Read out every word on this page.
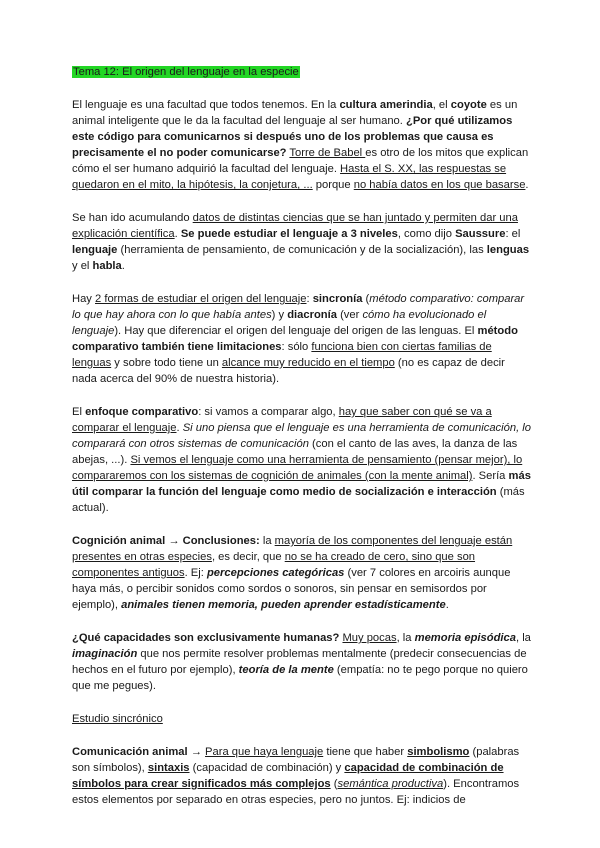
Tema 12: El origen del lenguaje en la especie

El lenguaje es una facultad que todos tenemos. En la cultura amerindia, el coyote es un animal inteligente que le da la facultad del lenguaje al ser humano. ¿Por qué utilizamos este código para comunicarnos si después uno de los problemas que causa es precisamente el no poder comunicarse? Torre de Babel es otro de los mitos que explican cómo el ser humano adquirió la facultad del lenguaje. Hasta el S. XX, las respuestas se quedaron en el mito, la hipótesis, la conjetura, ... porque no había datos en los que basarse.

Se han ido acumulando datos de distintas ciencias que se han juntado y permiten dar una explicación científica. Se puede estudiar el lenguaje a 3 niveles, como dijo Saussure: el lenguaje (herramienta de pensamiento, de comunicación y de la socialización), las lenguas y el habla.

Hay 2 formas de estudiar el origen del lenguaje: sincronía (método comparativo: comparar lo que hay ahora con lo que había antes) y diacronía (ver cómo ha evolucionado el lenguaje). Hay que diferenciar el origen del lenguaje del origen de las lenguas. El método comparativo también tiene limitaciones: sólo funciona bien con ciertas familias de lenguas y sobre todo tiene un alcance muy reducido en el tiempo (no es capaz de decir nada acerca del 90% de nuestra historia).

El enfoque comparativo: si vamos a comparar algo, hay que saber con qué se va a comparar el lenguaje. Si uno piensa que el lenguaje es una herramienta de comunicación, lo comparará con otros sistemas de comunicación (con el canto de las aves, la danza de las abejas, ...). Si vemos el lenguaje como una herramienta de pensamiento (pensar mejor), lo compararemos con los sistemas de cognición de animales (con la mente animal). Sería más útil comparar la función del lenguaje como medio de socialización e interacción (más actual).

Cognición animal → Conclusiones: la mayoría de los componentes del lenguaje están presentes en otras especies, es decir, que no se ha creado de cero, sino que son componentes antiguos. Ej: percepciones categóricas (ver 7 colores en arcoiris aunque haya más, o percibir sonidos como sordos o sonoros, sin pensar en semisordos por ejemplo), animales tienen memoria, pueden aprender estadísticamente.

¿Qué capacidades son exclusivamente humanas? Muy pocas, la memoria episódica, la imaginación que nos permite resolver problemas mentalmente (predecir consecuencias de hechos en el futuro por ejemplo), teoría de la mente (empatía: no te pego porque no quiero que me pegues).

Estudio sincrónico

Comunicación animal → Para que haya lenguaje tiene que haber simbolismo (palabras son símbolos), sintaxis (capacidad de combinación) y capacidad de combinación de símbolos para crear significados más complejos (semántica productiva). Encontramos estos elementos por separado en otras especies, pero no juntos. Ej: indicios de
